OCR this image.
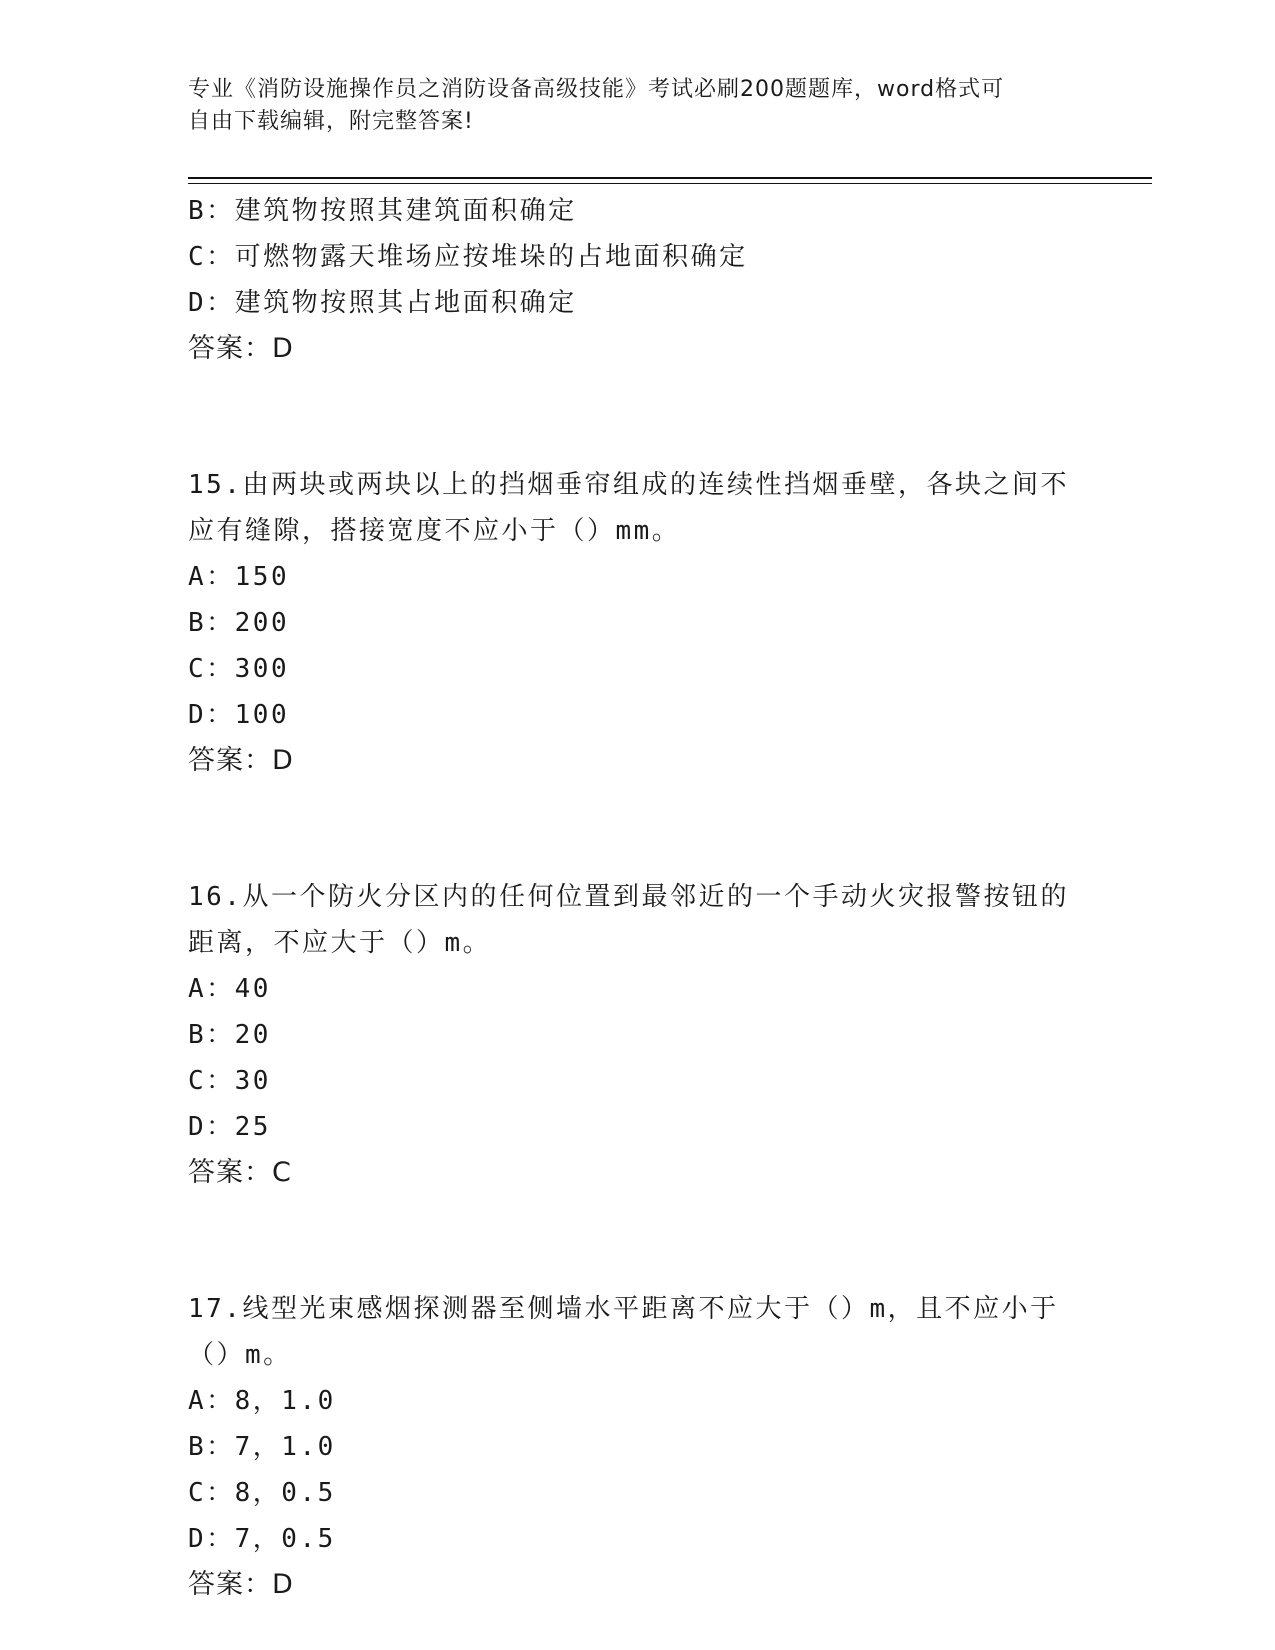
专业《消防设施操作员之消防设备高级技能》考试必刷200题题库，word格式可
自由下载编辑，附完整答案!
B：建筑物按照其建筑面积确定
C：可燃物露天堆场应按堆垛的占地面积确定
D：建筑物按照其占地面积确定
答案：D
15.由两块或两块以上的挡烟垂帘组成的连续性挡烟垂壁，各块之间不
应有缝隙，搭接宽度不应小于（）mm。
A：150
B：200
C：300
D：100
答案：D
16.从一个防火分区内的任何位置到最邻近的一个手动火灾报警按钮的
距离，不应大于（）m。
A：40
B：20
C：30
D：25
答案：C
17.线型光束感烟探测器至侧墙水平距离不应大于（）m，且不应小于
（）m。
A：8，1.0
B：7，1.0
C：8，0.5
D：7，0.5
答案：D
